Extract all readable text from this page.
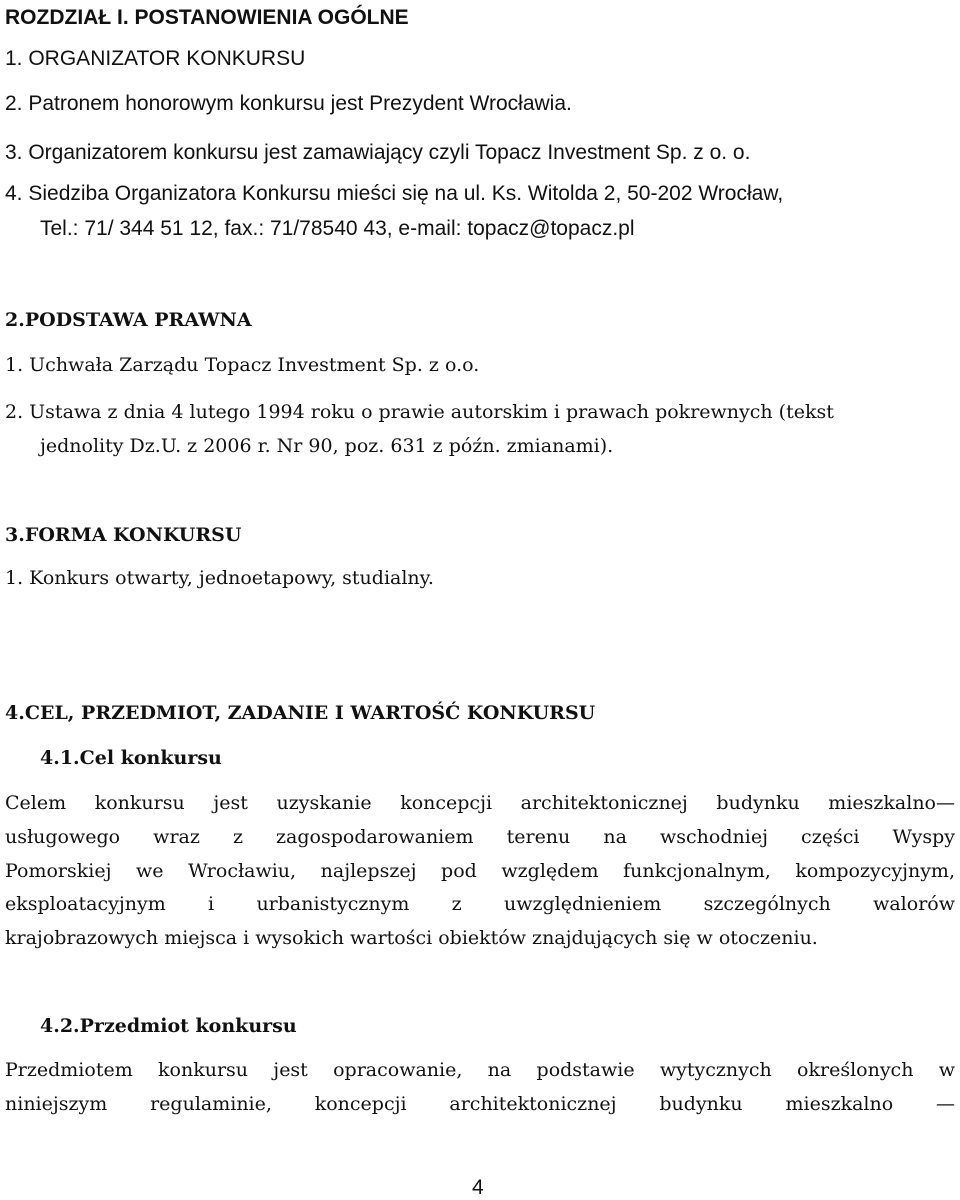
ROZDZIAŁ I. POSTANOWIENIA OGÓLNE
1. ORGANIZATOR KONKURSU
2. Patronem honorowym konkursu jest Prezydent Wrocławia.
3. Organizatorem konkursu jest zamawiający czyli Topacz Investment Sp. z o. o.
4. Siedziba Organizatora Konkursu mieści się na ul. Ks. Witolda 2, 50-202 Wrocław,
Tel.: 71/ 344 51 12, fax.: 71/78540 43, e-mail: topacz@topacz.pl
2.PODSTAWA PRAWNA
1. Uchwała Zarządu Topacz Investment Sp. z o.o.
2. Ustawa z dnia 4 lutego 1994 roku o prawie autorskim i prawach pokrewnych (tekst
jednolity Dz.U. z 2006 r. Nr 90, poz. 631 z późn. zmianami).
3.FORMA KONKURSU
1. Konkurs otwarty, jednoetapowy, studialny.
4.CEL, PRZEDMIOT, ZADANIE I WARTOŚĆ KONKURSU
4.1.Cel konkursu
Celem konkursu jest uzyskanie koncepcji architektonicznej budynku mieszkalno—
usługowego wraz z zagospodarowaniem terenu na wschodniej części Wyspy
Pomorskiej we Wrocławiu, najlepszej pod względem funkcjonalnym, kompozycyjnym,
eksploatacyjnym i urbanistycznym z uwzględnieniem szczególnych walorów
krajobrazowych miejsca i wysokich wartości obiektów znajdujących się w otoczeniu.
4.2.Przedmiot konkursu
Przedmiotem konkursu jest opracowanie, na podstawie wytycznych określonych w
niniejszym regulaminie, koncepcji architektonicznej budynku mieszkalno —
4
